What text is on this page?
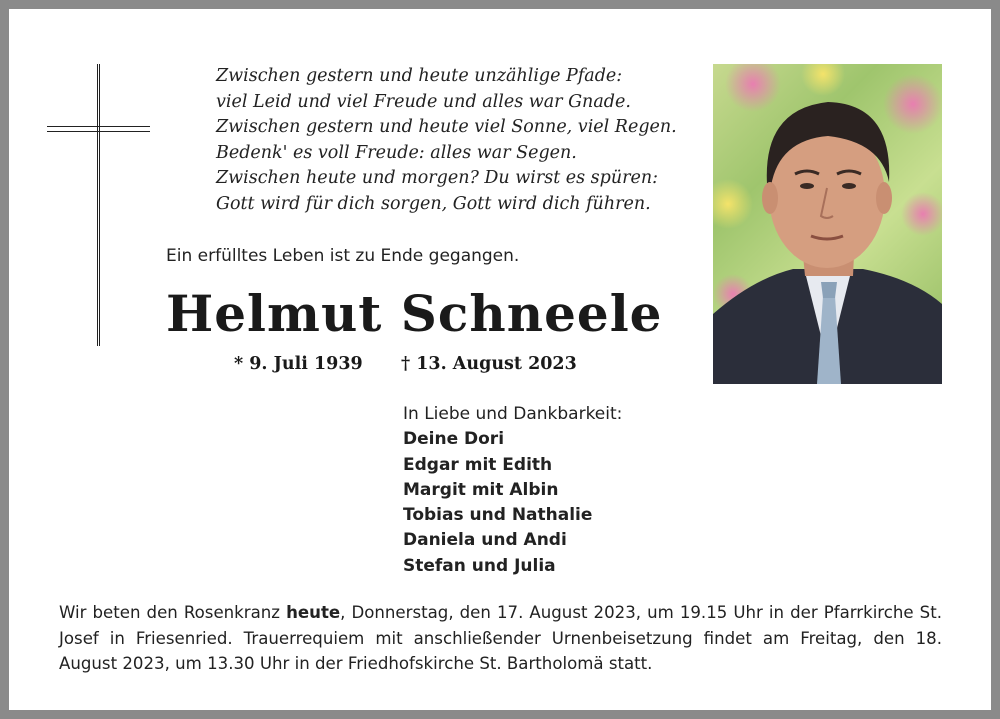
Zwischen gestern und heute unzählige Pfade:
viel Leid und viel Freude und alles war Gnade.
Zwischen gestern und heute viel Sonne, viel Regen.
Bedenk' es voll Freude: alles war Segen.
Zwischen heute und morgen? Du wirst es spüren:
Gott wird für dich sorgen, Gott wird dich führen.
Ein erfülltes Leben ist zu Ende gegangen.
Helmut Schneele
* 9. Juli 1939 † 13. August 2023
In Liebe und Dankbarkeit:
Deine Dori
Edgar mit Edith
Margit mit Albin
Tobias und Nathalie
Daniela und Andi
Stefan und Julia
Wir beten den Rosenkranz heute, Donnerstag, den 17. August 2023, um 19.15 Uhr in der Pfarrkirche St. Josef in Friesenried. Trauerrequiem mit anschließender Urnenbeisetzung findet am Freitag, den 18. August 2023, um 13.30 Uhr in der Friedhofskirche St. Bartholomä statt.
